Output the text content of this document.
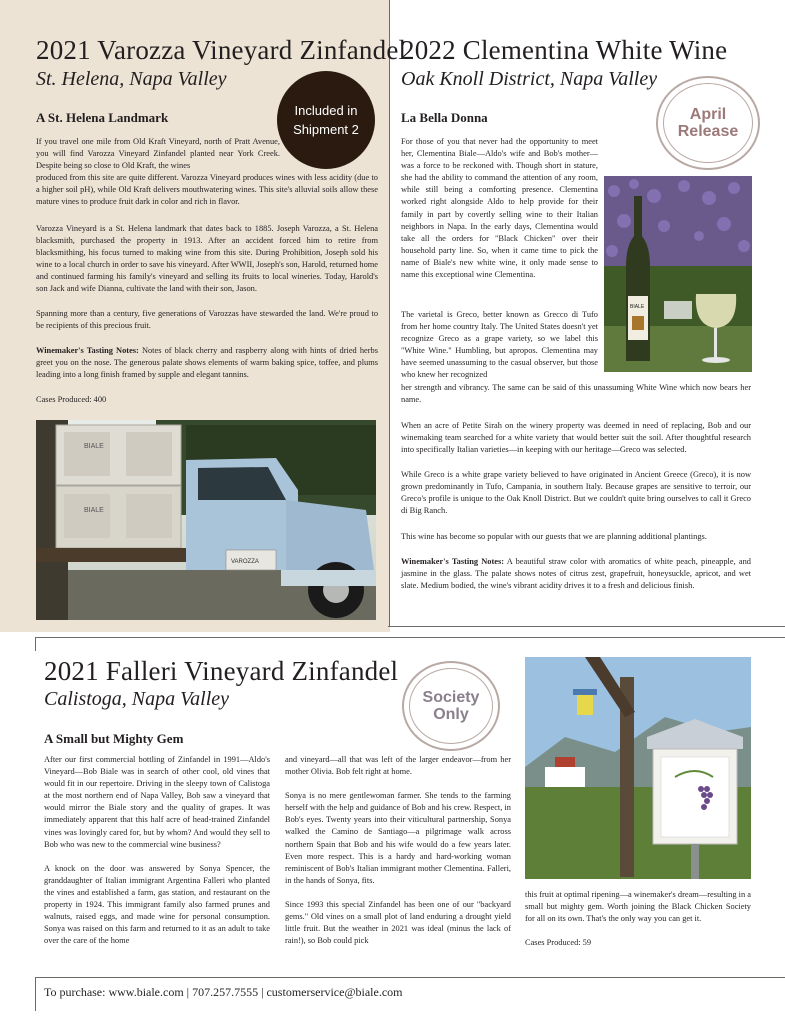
2021 Varozza Vineyard Zinfandel
St. Helena, Napa Valley
Included in
Shipment 2
A St. Helena Landmark
If you travel one mile from Old Kraft Vineyard, north of Pratt Avenue, you will find Varozza Vineyard Zinfandel planted near York Creek. Despite being so close to Old Kraft, the wines
produced from this site are quite different. Varozza Vineyard produces wines with less acidity (due to a higher soil pH), while Old Kraft delivers mouthwatering wines. This site's alluvial soils allow these mature vines to produce fruit dark in color and rich in flavor.
Varozza Vineyard is a St. Helena landmark that dates back to 1885. Joseph Varozza, a St. Helena blacksmith, purchased the property in 1913. After an accident forced him to retire from blacksmithing, his focus turned to making wine from this site. During Prohibition, Joseph sold his wine to a local church in order to save his vineyard. After WWII, Joseph's son, Harold, returned home and continued farming his family's vineyard and selling its fruits to local wineries. Today, Harold's son Jack and wife Dianna, cultivate the land with their son, Jason.
Spanning more than a century, five generations of Varozzas have stewarded the land. We're proud to be recipients of this precious fruit.
Winemaker's Tasting Notes: Notes of black cherry and raspberry along with hints of dried herbs greet you on the nose. The generous palate shows elements of warm baking spice, toffee, and plums leading into a long finish framed by supple and elegant tannins.
Cases Produced: 400
BIALE
BIALE
VAROZZA
2022 Clementina White Wine
Oak Knoll District, Napa Valley
April
Release
La Bella Donna
For those of you that never had the opportunity to meet her, Clementina Biale—Aldo's wife and Bob's mother—was a force to be reckoned with. Though short in stature, she had the ability to command the attention of any room, while still being a comforting presence. Clementina worked right alongside Aldo to help provide for their family in part by covertly selling wine to their Italian neighbors in Napa. In the early days, Clementina would take all the orders for "Black Chicken" over their household party line. So, when it came time to pick the name of Biale's new white wine, it only made sense to name this exceptional wine Clementina.
The varietal is Greco, better known as Grecco di Tufo from her home country Italy. The United States doesn't yet recognize Greco as a grape variety, so we label this "White Wine." Humbling, but apropos. Clementina may have seemed unassuming to the casual observer, but those who knew her recognized
her strength and vibrancy. The same can be said of this unassuming White Wine which now bears her name.
When an acre of Petite Sirah on the winery property was deemed in need of replacing, Bob and our winemaking team searched for a white variety that would better suit the soil. After thoughtful research into specifically Italian varieties—in keeping with our heritage—Greco was selected.
While Greco is a white grape variety believed to have originated in Ancient Greece (Greco), it is now grown predominantly in Tufo, Campania, in southern Italy. Because grapes are sensitive to terroir, our Greco's profile is unique to the Oak Knoll District. But we couldn't quite bring ourselves to call it Greco di Big Ranch.
This wine has become so popular with our guests that we are planning additional plantings.
Winemaker's Tasting Notes: A beautiful straw color with aromatics of white peach, pineapple, and jasmine in the glass. The palate shows notes of citrus zest, grapefruit, honeysuckle, apricot, and wet slate. Medium bodied, the wine's vibrant acidity drives it to a fresh and delicious finish.
BIALE
2021 Falleri Vineyard Zinfandel
Calistoga, Napa Valley	Society
Only
A Small but Mighty Gem

After our first commercial bottling of Zinfandel in 1991—Aldo's Vineyard—Bob Biale was in search of other cool, old vines that would fit in our repertoire. Driving in the sleepy town of Calistoga at the most northern end of Napa Valley, Bob saw a vineyard that would mirror the Biale story and the quality of grapes. It was immediately apparent that this half acre of head-trained Zinfandel vines was lovingly cared for, but by whom? And would they sell to Bob who was new to the commercial wine business?

A knock on the door was answered by Sonya Spencer, the granddaughter of Italian immigrant Argentina Falleri who planted the vines and established a farm, gas station, and restaurant on the property in 1924. This immigrant family also farmed prunes and walnuts, raised eggs, and made wine for personal consumption. Sonya was raised on this farm and returned to it as an adult to take over the care of the home

and vineyard—all that was left of the larger endeavor—from her mother Olivia. Bob felt right at home.

Sonya is no mere gentlewoman farmer. She tends to the farming herself with the help and guidance of Bob and his crew. Respect, in Bob's eyes. Twenty years into their viticultural partnership, Sonya walked the Camino de Santiago—a pilgrimage walk across northern Spain that Bob and his wife would do a few years later. Even more respect. This is a hardy and hard-working woman reminiscent of Bob's Italian immigrant mother Clementina. Falleri, in the hands of Sonya, fits.

Since 1993 this special Zinfandel has been one of our "backyard gems." Old vines on a small plot of land enduring a drought yield little fruit. But the weather in 2021 was ideal (minus the lack of rain!), so Bob could pick

this fruit at optimal ripening—a winemaker's dream—resulting in a small but mighty gem. Worth joining the Black Chicken Society for all on its own. That's the only way you can get it.

Cases Produced: 59

To purchase: www.biale.com | 707.257.7555 | customerservice@biale.com
